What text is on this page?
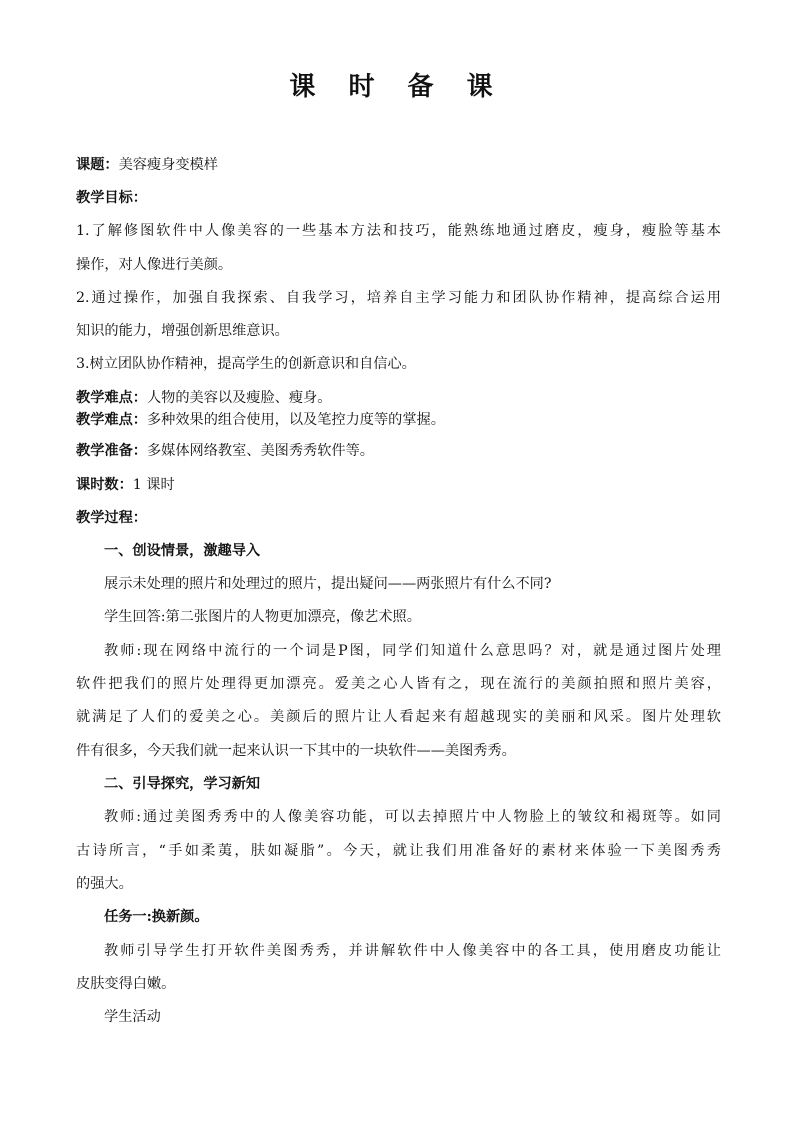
课 时 备 课
课题：美容瘦身变模样
教学目标：
1.了解修图软件中人像美容的一些基本方法和技巧，能熟练地通过磨皮，瘦身，瘦脸等基本
操作，对人像进行美颜。
2.通过操作，加强自我探索、自我学习，培养自主学习能力和团队协作精神，提高综合运用
知识的能力，增强创新思维意识。
3.树立团队协作精神，提高学生的创新意识和自信心。
教学难点：人物的美容以及瘦脸、瘦身。
教学难点：多种效果的组合使用，以及笔控力度等的掌握。
教学准备：多媒体网络教室、美图秀秀软件等。
课时数：1 课时
教学过程：
一、创设情景，激趣导入
展示未处理的照片和处理过的照片，提出疑问——两张照片有什么不同?
学生回答:第二张图片的人物更加漂亮，像艺术照。
教师:现在网络中流行的一个词是P图，同学们知道什么意思吗？对，就是通过图片处理
软件把我们的照片处理得更加漂亮。爱美之心人皆有之，现在流行的美颜拍照和照片美容，
就满足了人们的爱美之心。美颜后的照片让人看起来有超越现实的美丽和风采。图片处理软
件有很多，今天我们就一起来认识一下其中的一块软件——美图秀秀。
二、引导探究，学习新知
教师:通过美图秀秀中的人像美容功能，可以去掉照片中人物脸上的皱纹和褐斑等。如同
古诗所言，“手如柔荑，肤如凝脂”。今天，就让我们用准备好的素材来体验一下美图秀秀
的强大。
任务一:换新颜。
教师引导学生打开软件美图秀秀，并讲解软件中人像美容中的各工具，使用磨皮功能让
皮肤变得白嫩。
学生活动
